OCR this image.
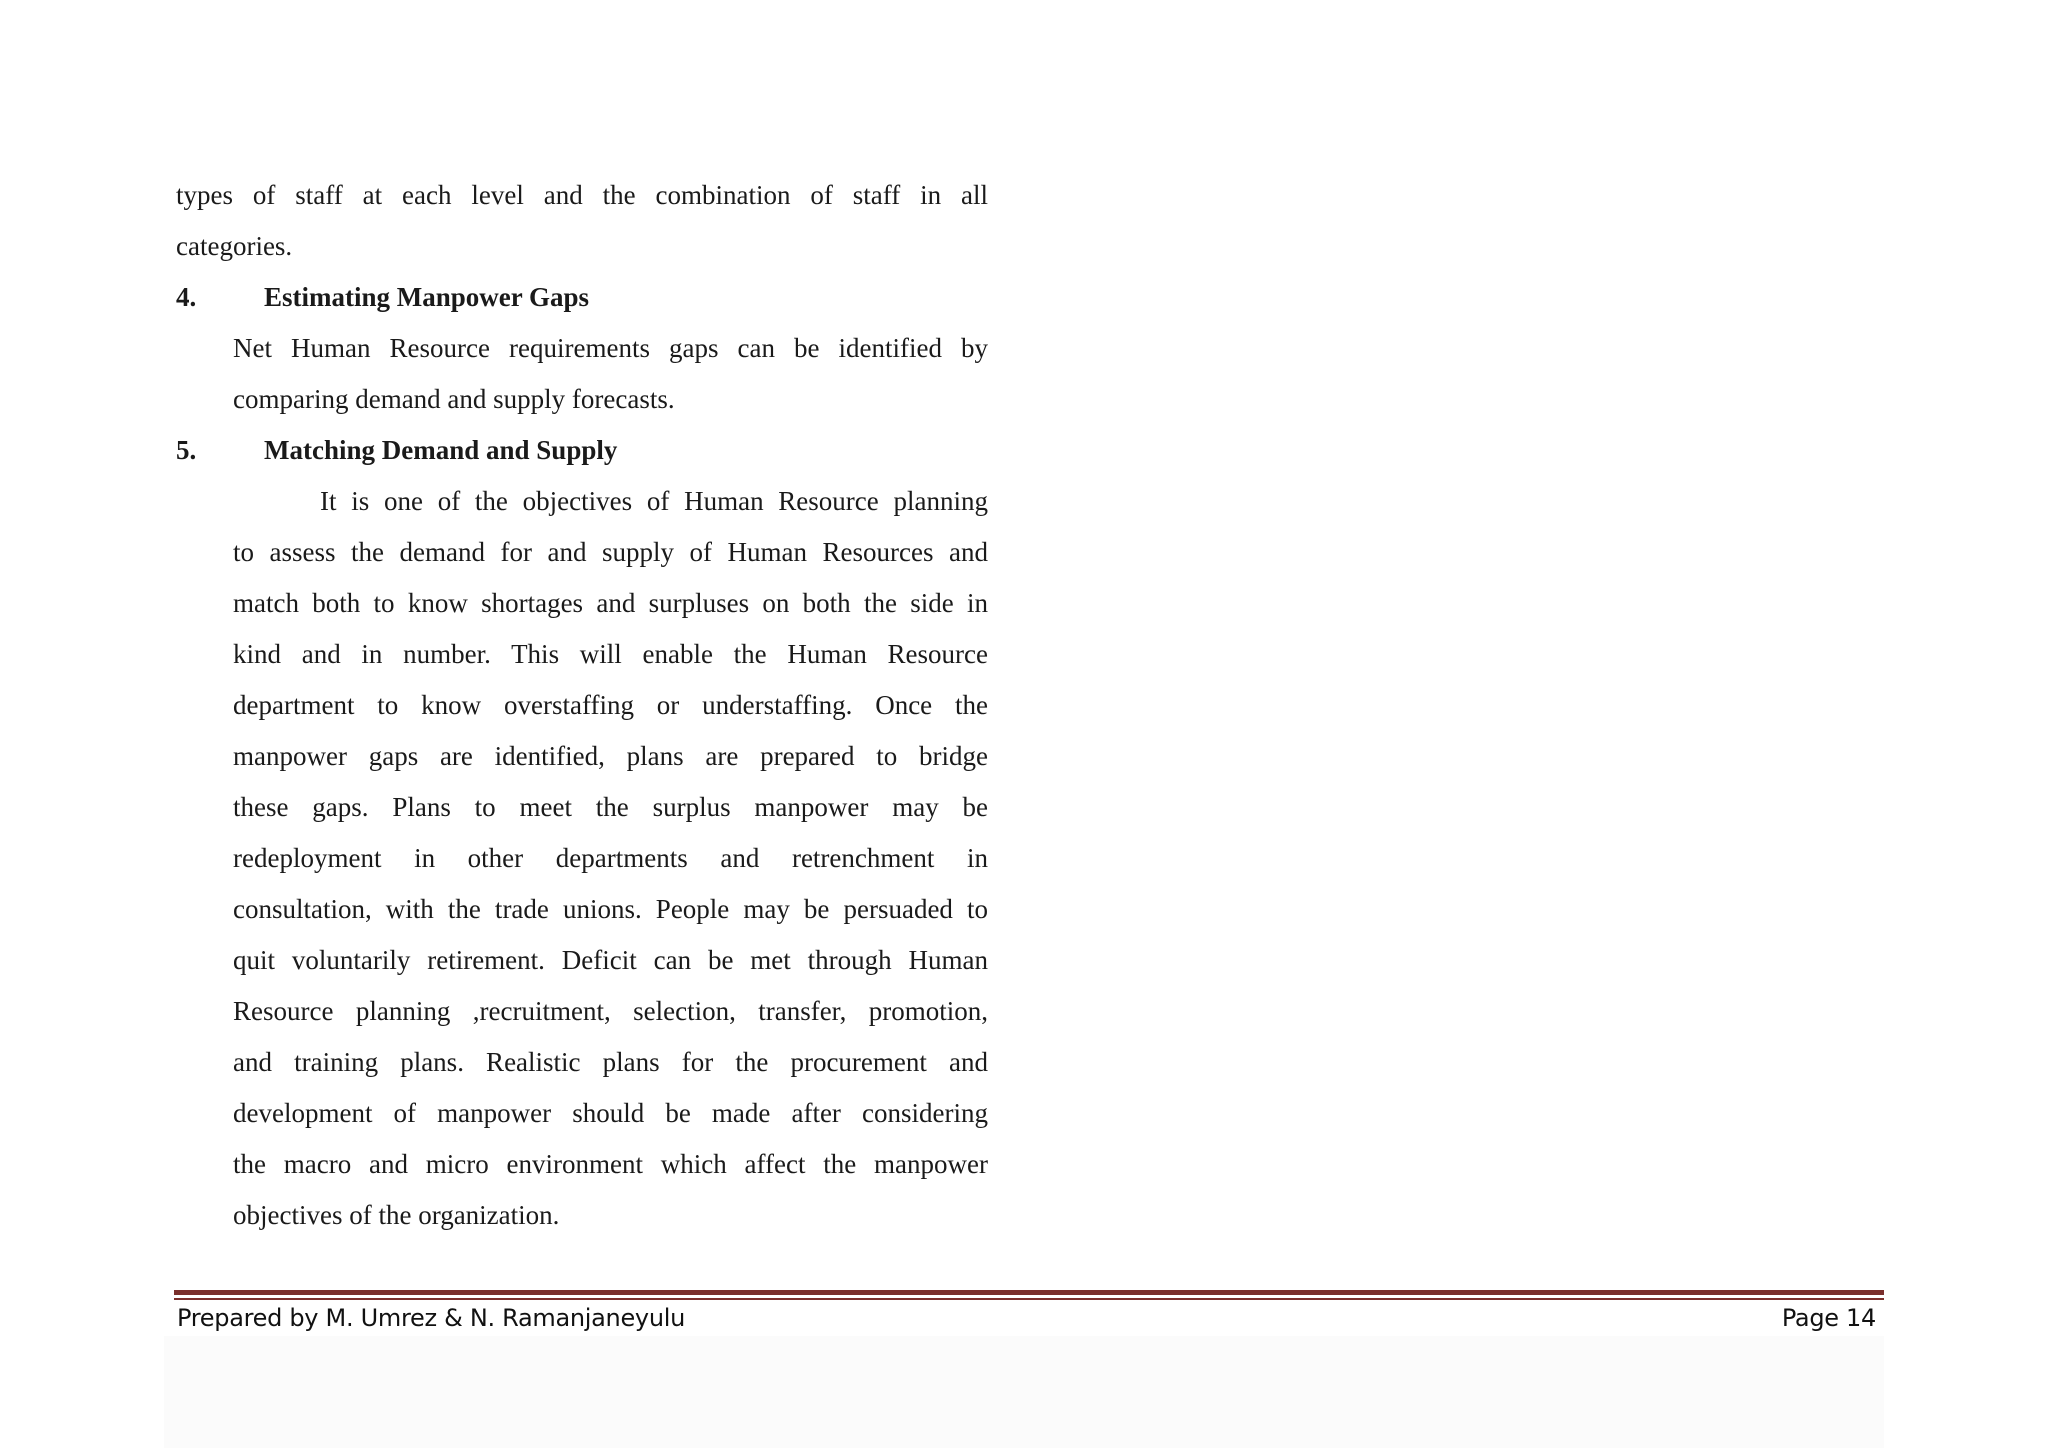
types of staff at each level and the combination of staff in all
categories.
4.	Estimating Manpower Gaps
Net Human Resource requirements gaps can be identified by
comparing demand and supply forecasts.
5.	Matching Demand and Supply
It is one of the objectives of Human Resource planning
to assess the demand for and supply of Human Resources and
match both to know shortages and surpluses on both the side in
kind and in number. This will enable the Human Resource
department to know overstaffing or understaffing. Once the
manpower gaps are identified, plans are prepared to bridge
these gaps. Plans to meet the surplus manpower may be
redeployment in other departments and retrenchment in
consultation, with the trade unions. People may be persuaded to
quit voluntarily retirement. Deficit can be met through Human
Resource planning ,recruitment, selection, transfer, promotion,
and training plans. Realistic plans for the procurement and
development of manpower should be made after considering
the macro and micro environment which affect the manpower
objectives of the organization.
Prepared by M. Umrez & N. Ramanjaneyulu	Page 14
